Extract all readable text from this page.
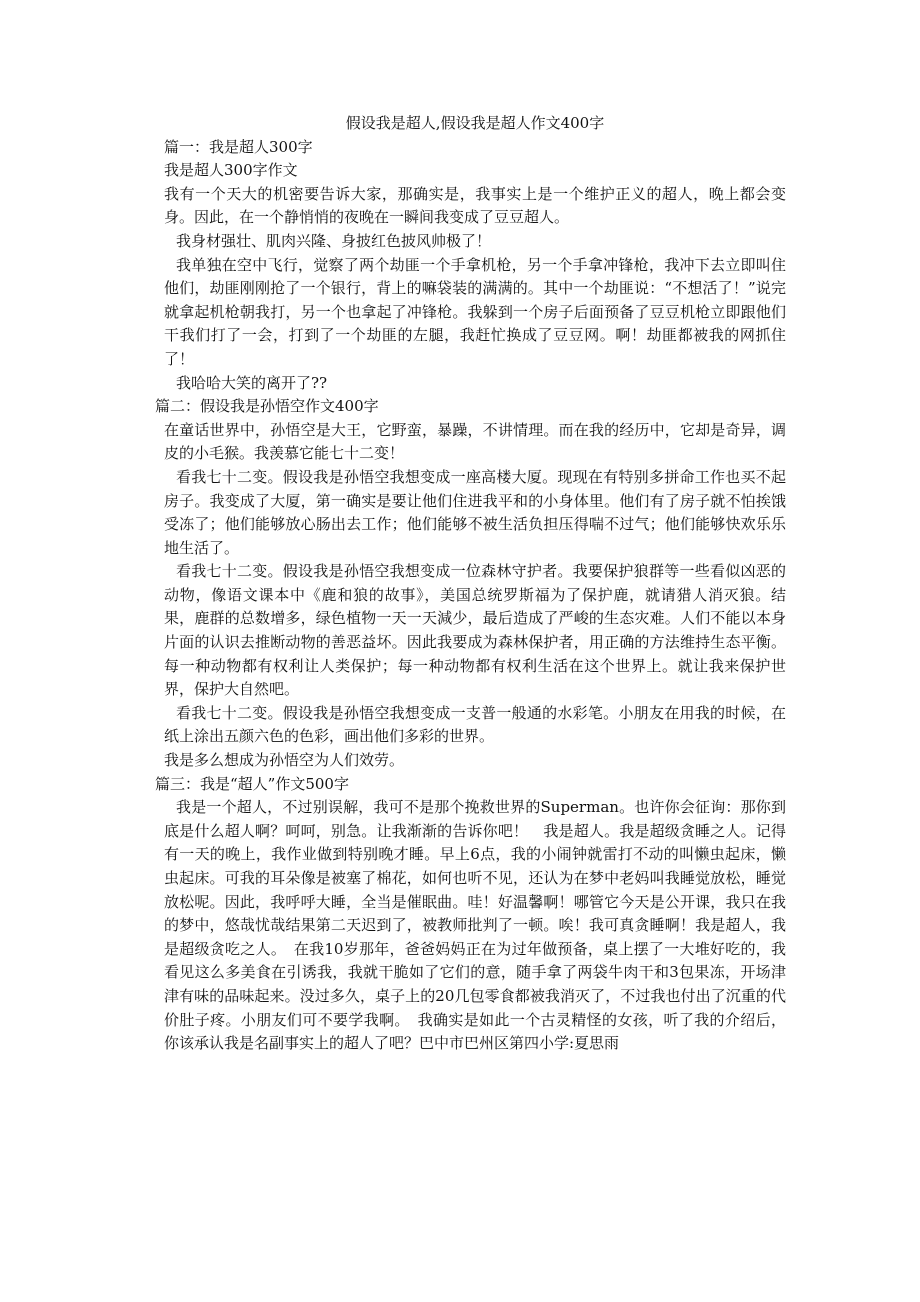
假设我是超人,假设我是超人作文400字

篇一：我是超人300字

我是超人300字作文

我有一个天大的机密要告诉大家，那确实是，我事实上是一个维护正义的超人，晚上都会变身。因此，在一个静悄悄的夜晚在一瞬间我变成了豆豆超人。

我身材强壮、肌肉兴隆、身披红色披风帅极了！

我单独在空中飞行，觉察了两个劫匪一个手拿机枪，另一个手拿冲锋枪，我冲下去立即叫住他们，劫匪刚刚抢了一个银行，背上的嘛袋装的满满的。其中一个劫匪说：“不想活了！”说完就拿起机枪朝我打，另一个也拿起了冲锋枪。我躲到一个房子后面预备了豆豆机枪立即跟他们干我们打了一会，打到了一个劫匪的左腿，我赶忙换成了豆豆网。啊！劫匪都被我的网抓住了！

我哈哈大笑的离开了??

篇二：假设我是孙悟空作文400字

在童话世界中，孙悟空是大王，它野蛮，暴躁，不讲情理。而在我的经历中，它却是奇异，调皮的小毛猴。我羡慕它能七十二变！

看我七十二变。假设我是孙悟空我想变成一座高楼大厦。现现在有特别多拼命工作也买不起房子。我变成了大厦，第一确实是要让他们住进我平和的小身体里。他们有了房子就不怕挨饿受冻了；他们能够放心肠出去工作；他们能够不被生活负担压得喘不过气；他们能够快欢乐乐地生活了。

看我七十二变。假设我是孙悟空我想变成一位森林守护者。我要保护狼群等一些看似凶恶的动物，像语文课本中《鹿和狼的故事》，美国总统罗斯福为了保护鹿，就请猎人消灭狼。结果，鹿群的总数增多，绿色植物一天一天減少，最后造成了严峻的生态灾难。人们不能以本身片面的认识去推断动物的善恶益坏。因此我要成为森林保护者，用正确的方法维持生态平衡。每一种动物都有权利让人类保护；每一种动物都有权利生活在这个世界上。就让我来保护世界，保护大自然吧。

看我七十二变。假设我是孙悟空我想变成一支普一般通的水彩笔。小朋友在用我的时候，在纸上涂出五颜六色的色彩，画出他们多彩的世界。

我是多么想成为孙悟空为人们效劳。

篇三：我是“超人”作文500字

我是一个超人，不过别误解，我可不是那个挽救世界的Superman。也许你会征询：那你到底是什么超人啊？呵呵，别急。让我渐渐的告诉你吧！　我是超人。我是超级贪睡之人。记得有一天的晚上，我作业做到特别晚才睡。早上6点，我的小闹钟就雷打不动的叫懒虫起床，懒虫起床。可我的耳朵像是被塞了棉花，如何也听不见，还认为在梦中老妈叫我睡觉放松，睡觉放松呢。因此，我呼呼大睡，全当是催眠曲。哇！好温馨啊！哪管它今天是公开课，我只在我的梦中，悠哉忧哉结果第二天迟到了，被教师批判了一顿。唉！我可真贪睡啊！我是超人，我是超级贪吃之人。　在我10岁那年，爸爸妈妈正在为过年做预备，桌上摆了一大堆好吃的，我看见这么多美食在引诱我，我就干脆如了它们的意，随手拿了两袋牛肉干和3包果冻，开场津津有味的品味起来。没过多久，桌子上的20几包零食都被我消灭了，不过我也付出了沉重的代价肚子疼。小朋友们可不要学我啊。　我确实是如此一个古灵精怪的女孩，听了我的介绍后，你该承认我是名副事实上的超人了吧？巴中市巴州区第四小学:夏思雨
